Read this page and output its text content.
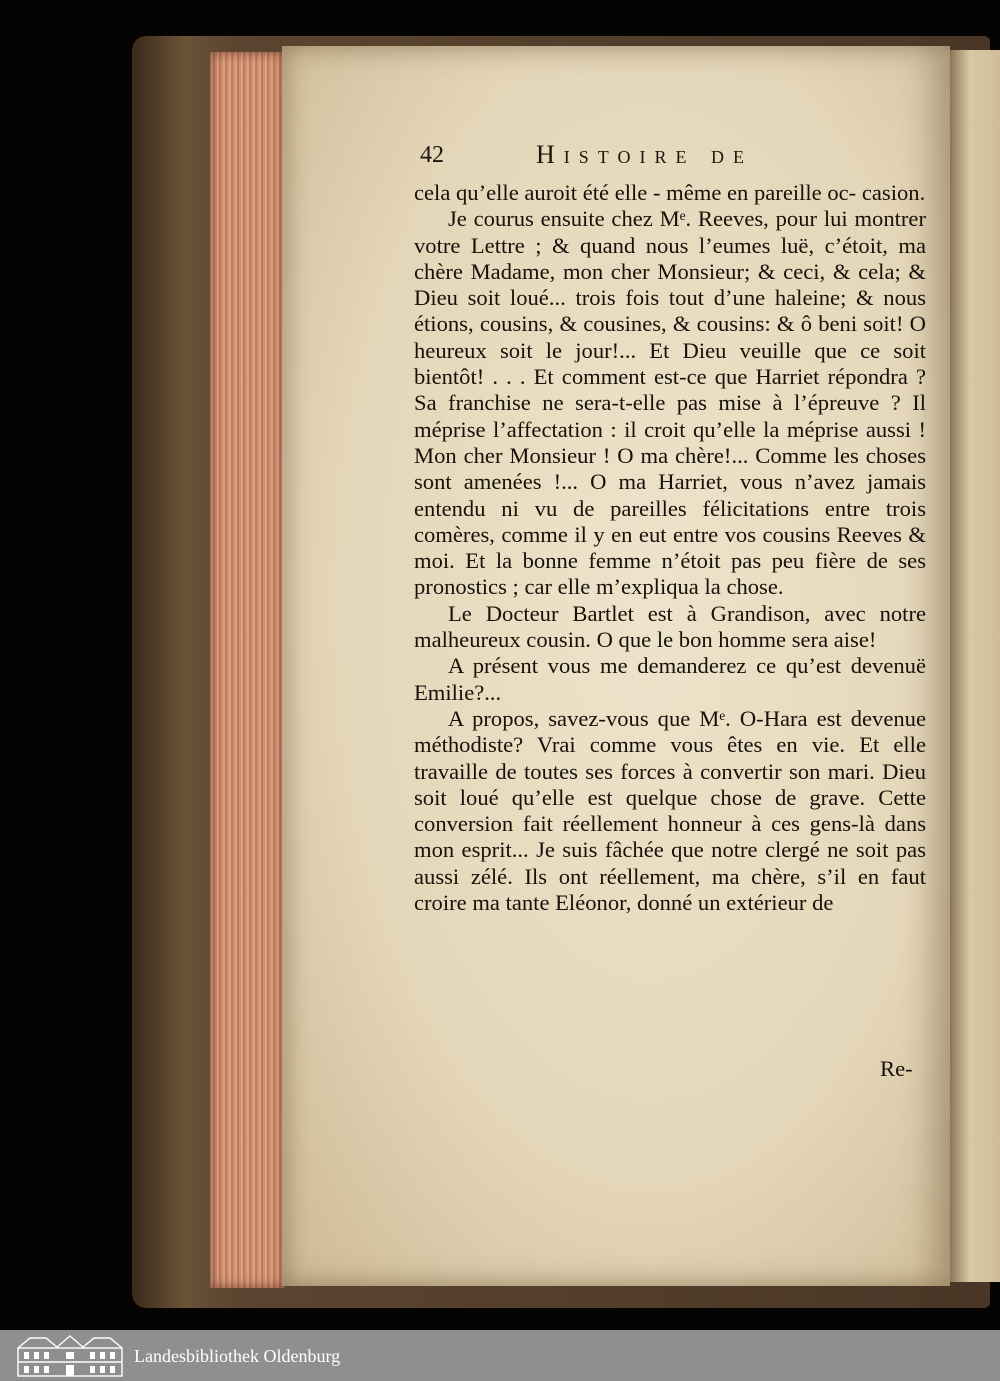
42	Histoire de

cela qu’elle auroit été elle - même en pareille oc- casion.

Je courus ensuite chez Mᵉ. Reeves, pour lui montrer votre Lettre ; & quand nous l’eumes luë, c’étoit, ma chère Madame, mon cher Monsieur; & ceci, & cela; & Dieu soit loué... trois fois tout d’une haleine; & nous étions, cousins, & cousines, & cousins: & ô beni soit! O heureux soit le jour!... Et Dieu veuille que ce soit bientôt! . . . Et comment est-ce que Harriet répondra ? Sa franchise ne sera-t-elle pas mise à l’épreuve ? Il méprise l’affectation : il croit qu’elle la méprise aussi ! Mon cher Monsieur ! O ma chère!... Comme les choses sont amenées !... O ma Harriet, vous n’avez jamais entendu ni vu de pareilles félicitations entre trois comères, comme il y en eut entre vos cousins Reeves & moi. Et la bonne femme n’étoit pas peu fière de ses pronostics ; car elle m’expliqua la chose.

Le Docteur Bartlet est à Grandison, avec notre malheureux cousin. O que le bon homme sera aise!

A présent vous me demanderez ce qu’est devenuë Emilie?...

A propos, savez-vous que Mᵉ. O-Hara est devenue méthodiste? Vrai comme vous êtes en vie. Et elle travaille de toutes ses forces à convertir son mari. Dieu soit loué qu’elle est quelque chose de grave. Cette conversion fait réellement honneur à ces gens-là dans mon esprit... Je suis fâchée que notre clergé ne soit pas aussi zélé. Ils ont réellement, ma chère, s’il en faut croire ma tante Eléonor, donné un extérieur de

Re-
Landesbibliothek Oldenburg
